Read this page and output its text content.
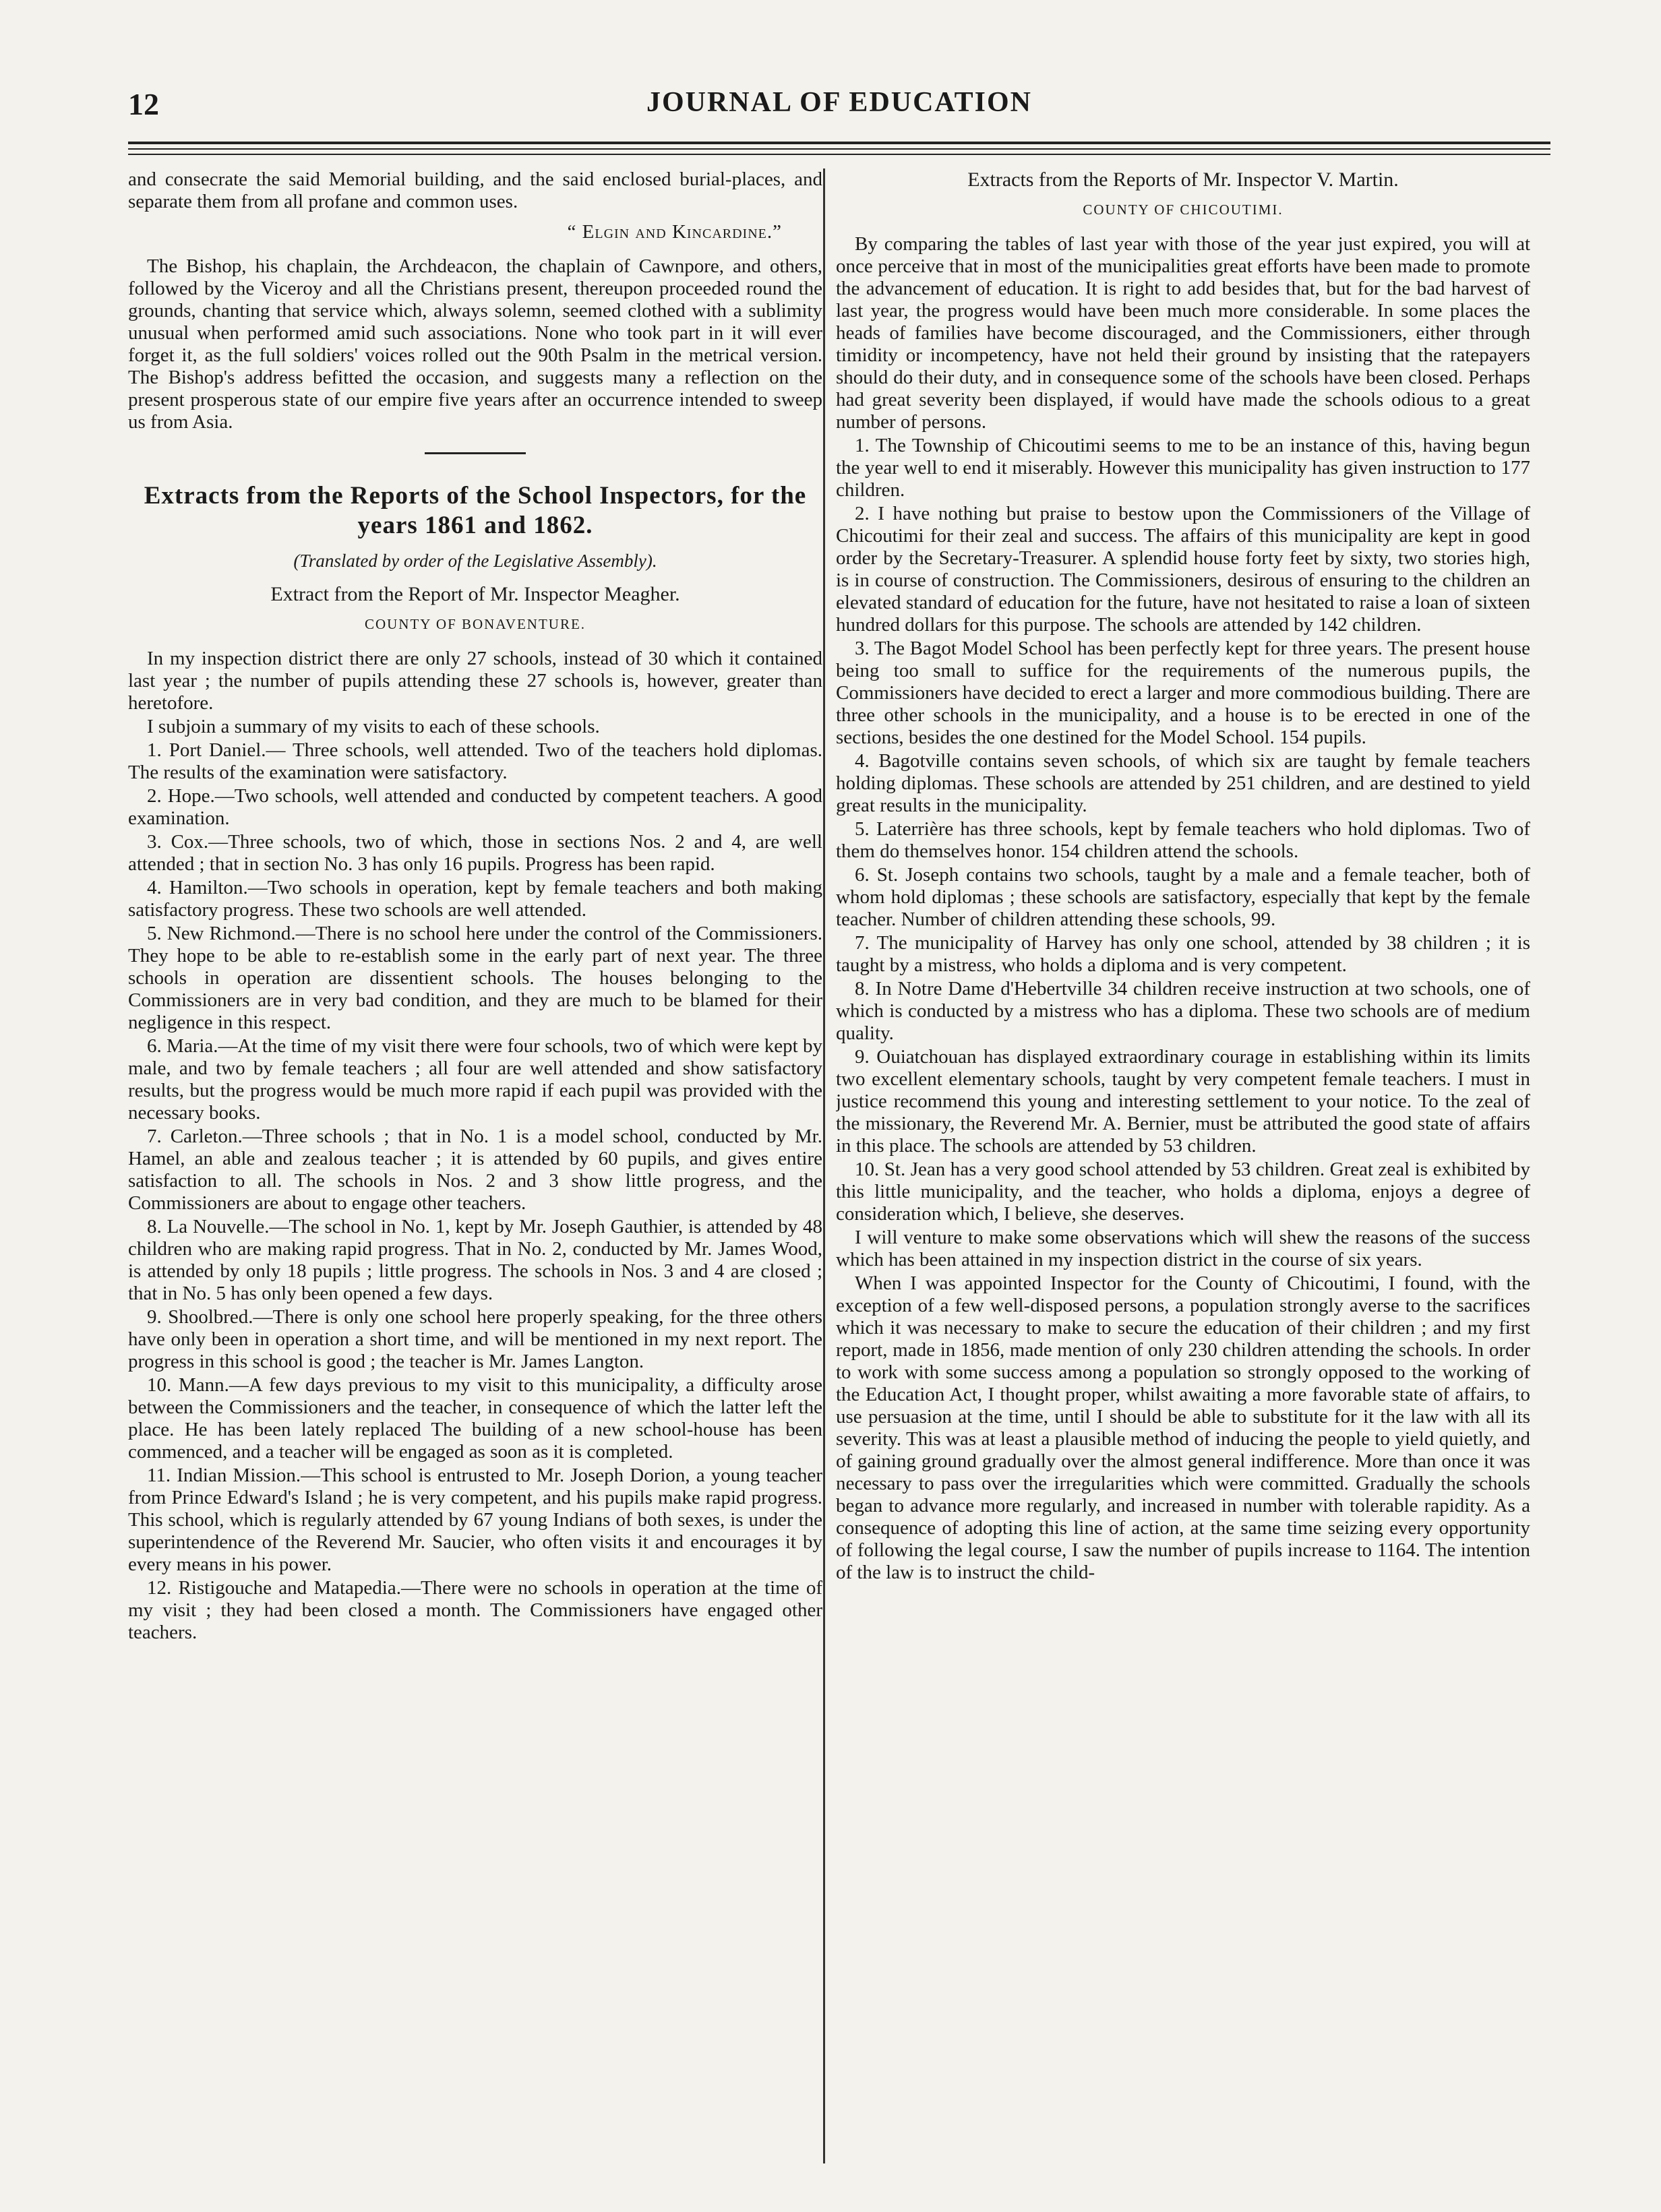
12	JOURNAL OF EDUCATION

and consecrate the said Memorial building, and the said enclosed burial-places, and separate them from all profane and common uses.

“ Elgin and Kincardine.”

The Bishop, his chaplain, the Archdeacon, the chaplain of Cawnpore, and others, followed by the Viceroy and all the Christians present, thereupon proceeded round the grounds, chanting that service which, always solemn, seemed clothed with a sublimity unusual when performed amid such associations. None who took part in it will ever forget it, as the full soldiers' voices rolled out the 90th Psalm in the metrical version. The Bishop's address befitted the occasion, and suggests many a reflection on the present prosperous state of our empire five years after an occurrence intended to sweep us from Asia.

Extracts from the Reports of the School Inspectors, for the years 1861 and 1862.
(Translated by order of the Legislative Assembly).
Extract from the Report of Mr. Inspector Meagher.
COUNTY OF BONAVENTURE.

In my inspection district there are only 27 schools, instead of 30 which it contained last year ; the number of pupils attending these 27 schools is, however, greater than heretofore.

I subjoin a summary of my visits to each of these schools.

1. Port Daniel.— Three schools, well attended. Two of the teachers hold diplomas. The results of the examination were satisfactory.

2. Hope.—Two schools, well attended and conducted by competent teachers. A good examination.

3. Cox.—Three schools, two of which, those in sections Nos. 2 and 4, are well attended ; that in section No. 3 has only 16 pupils. Progress has been rapid.

4. Hamilton.—Two schools in operation, kept by female teachers and both making satisfactory progress. These two schools are well attended.

5. New Richmond.—There is no school here under the control of the Commissioners. They hope to be able to re-establish some in the early part of next year. The three schools in operation are dissentient schools. The houses belonging to the Commissioners are in very bad condition, and they are much to be blamed for their negligence in this respect.

6. Maria.—At the time of my visit there were four schools, two of which were kept by male, and two by female teachers ; all four are well attended and show satisfactory results, but the progress would be much more rapid if each pupil was provided with the necessary books.

7. Carleton.—Three schools ; that in No. 1 is a model school, conducted by Mr. Hamel, an able and zealous teacher ; it is attended by 60 pupils, and gives entire satisfaction to all. The schools in Nos. 2 and 3 show little progress, and the Commissioners are about to engage other teachers.

8. La Nouvelle.—The school in No. 1, kept by Mr. Joseph Gauthier, is attended by 48 children who are making rapid progress. That in No. 2, conducted by Mr. James Wood, is attended by only 18 pupils ; little progress. The schools in Nos. 3 and 4 are closed ; that in No. 5 has only been opened a few days.

9. Shoolbred.—There is only one school here properly speaking, for the three others have only been in operation a short time, and will be mentioned in my next report. The progress in this school is good ; the teacher is Mr. James Langton.

10. Mann.—A few days previous to my visit to this municipality, a difficulty arose between the Commissioners and the teacher, in consequence of which the latter left the place. He has been lately replaced The building of a new school-house has been commenced, and a teacher will be engaged as soon as it is completed.

11. Indian Mission.—This school is entrusted to Mr. Joseph Dorion, a young teacher from Prince Edward's Island ; he is very competent, and his pupils make rapid progress. This school, which is regularly attended by 67 young Indians of both sexes, is under the superintendence of the Reverend Mr. Saucier, who often visits it and encourages it by every means in his power.

12. Ristigouche and Matapedia.—There were no schools in operation at the time of my visit ; they had been closed a month. The Commissioners have engaged other teachers.

Extracts from the Reports of Mr. Inspector V. Martin.
COUNTY OF CHICOUTIMI.

By comparing the tables of last year with those of the year just expired, you will at once perceive that in most of the municipalities great efforts have been made to promote the advancement of education. It is right to add besides that, but for the bad harvest of last year, the progress would have been much more considerable. In some places the heads of families have become discouraged, and the Commissioners, either through timidity or incompetency, have not held their ground by insisting that the ratepayers should do their duty, and in consequence some of the schools have been closed. Perhaps had great severity been displayed, if would have made the schools odious to a great number of persons.

1. The Township of Chicoutimi seems to me to be an instance of this, having begun the year well to end it miserably. However this municipality has given instruction to 177 children.

2. I have nothing but praise to bestow upon the Commissioners of the Village of Chicoutimi for their zeal and success. The affairs of this municipality are kept in good order by the Secretary-Treasurer. A splendid house forty feet by sixty, two stories high, is in course of construction. The Commissioners, desirous of ensuring to the children an elevated standard of education for the future, have not hesitated to raise a loan of sixteen hundred dollars for this purpose. The schools are attended by 142 children.

3. The Bagot Model School has been perfectly kept for three years. The present house being too small to suffice for the requirements of the numerous pupils, the Commissioners have decided to erect a larger and more commodious building. There are three other schools in the municipality, and a house is to be erected in one of the sections, besides the one destined for the Model School. 154 pupils.

4. Bagotville contains seven schools, of which six are taught by female teachers holding diplomas. These schools are attended by 251 children, and are destined to yield great results in the municipality.

5. Laterrière has three schools, kept by female teachers who hold diplomas. Two of them do themselves honor. 154 children attend the schools.

6. St. Joseph contains two schools, taught by a male and a female teacher, both of whom hold diplomas ; these schools are satisfactory, especially that kept by the female teacher. Number of children attending these schools, 99.

7. The municipality of Harvey has only one school, attended by 38 children ; it is taught by a mistress, who holds a diploma and is very competent.

8. In Notre Dame d'Hebertville 34 children receive instruction at two schools, one of which is conducted by a mistress who has a diploma. These two schools are of medium quality.

9. Ouiatchouan has displayed extraordinary courage in establishing within its limits two excellent elementary schools, taught by very competent female teachers. I must in justice recommend this young and interesting settlement to your notice. To the zeal of the missionary, the Reverend Mr. A. Bernier, must be attributed the good state of affairs in this place. The schools are attended by 53 children.

10. St. Jean has a very good school attended by 53 children. Great zeal is exhibited by this little municipality, and the teacher, who holds a diploma, enjoys a degree of consideration which, I believe, she deserves.

I will venture to make some observations which will shew the reasons of the success which has been attained in my inspection district in the course of six years.

When I was appointed Inspector for the County of Chicoutimi, I found, with the exception of a few well-disposed persons, a population strongly averse to the sacrifices which it was necessary to make to secure the education of their children ; and my first report, made in 1856, made mention of only 230 children attending the schools. In order to work with some success among a population so strongly opposed to the working of the Education Act, I thought proper, whilst awaiting a more favorable state of affairs, to use persuasion at the time, until I should be able to substitute for it the law with all its severity. This was at least a plausible method of inducing the people to yield quietly, and of gaining ground gradually over the almost general indifference. More than once it was necessary to pass over the irregularities which were committed. Gradually the schools began to advance more regularly, and increased in number with tolerable rapidity. As a consequence of adopting this line of action, at the same time seizing every opportunity of following the legal course, I saw the number of pupils increase to 1164. The intention of the law is to instruct the child-
